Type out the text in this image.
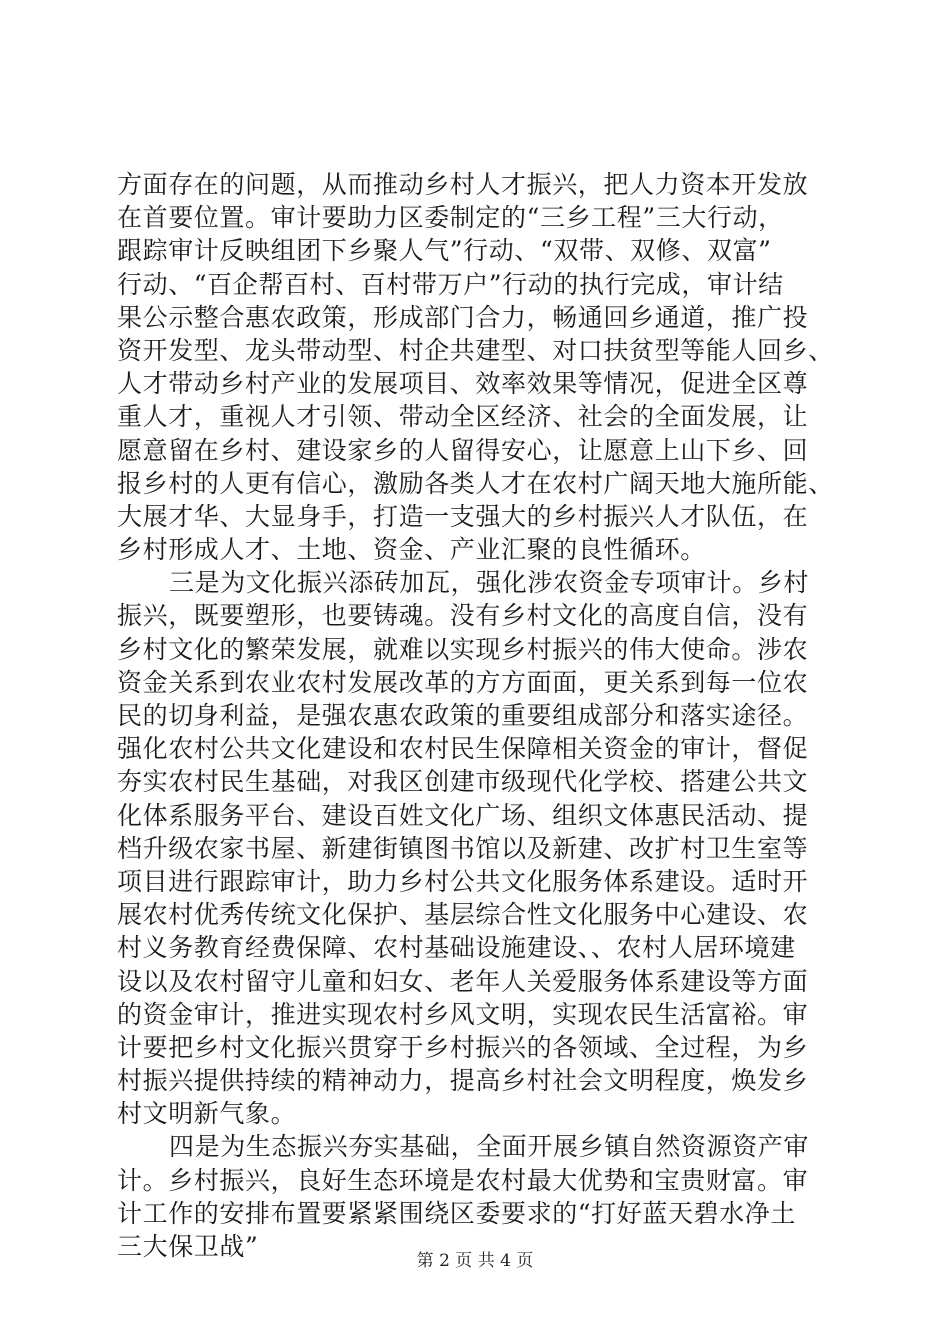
方面存在的问题，从而推动乡村人才振兴，把人力资本开发放
在首要位置。审计要助力区委制定的“三乡工程”三大行动，
跟踪审计反映组团下乡聚人气”行动、“双带、双修、双富”
行动、“百企帮百村、百村带万户”行动的执行完成，审计结
果公示整合惠农政策，形成部门合力，畅通回乡通道，推广投
资开发型、龙头带动型、村企共建型、对口扶贫型等能人回乡、
人才带动乡村产业的发展项目、效率效果等情况，促进全区尊
重人才，重视人才引领、带动全区经济、社会的全面发展，让
愿意留在乡村、建设家乡的人留得安心，让愿意上山下乡、回
报乡村的人更有信心，激励各类人才在农村广阔天地大施所能、
大展才华、大显身手，打造一支强大的乡村振兴人才队伍，在
乡村形成人才、土地、资金、产业汇聚的良性循环。
三是为文化振兴添砖加瓦，强化涉农资金专项审计。乡村
振兴，既要塑形，也要铸魂。没有乡村文化的高度自信，没有
乡村文化的繁荣发展，就难以实现乡村振兴的伟大使命。涉农
资金关系到农业农村发展改革的方方面面，更关系到每一位农
民的切身利益，是强农惠农政策的重要组成部分和落实途径。
强化农村公共文化建设和农村民生保障相关资金的审计，督促
夯实农村民生基础，对我区创建市级现代化学校、搭建公共文
化体系服务平台、建设百姓文化广场、组织文体惠民活动、提
档升级农家书屋、新建街镇图书馆以及新建、改扩村卫生室等
项目进行跟踪审计，助力乡村公共文化服务体系建设。适时开
展农村优秀传统文化保护、基层综合性文化服务中心建设、农
村义务教育经费保障、农村基础设施建设、、农村人居环境建
设以及农村留守儿童和妇女、老年人关爱服务体系建设等方面
的资金审计，推进实现农村乡风文明，实现农民生活富裕。审
计要把乡村文化振兴贯穿于乡村振兴的各领域、全过程，为乡
村振兴提供持续的精神动力，提高乡村社会文明程度，焕发乡
村文明新气象。
四是为生态振兴夯实基础，全面开展乡镇自然资源资产审
计。乡村振兴，良好生态环境是农村最大优势和宝贵财富。审
计工作的安排布置要紧紧围绕区委要求的“打好蓝天碧水净土
三大保卫战”	第 2 页 共 4 页
